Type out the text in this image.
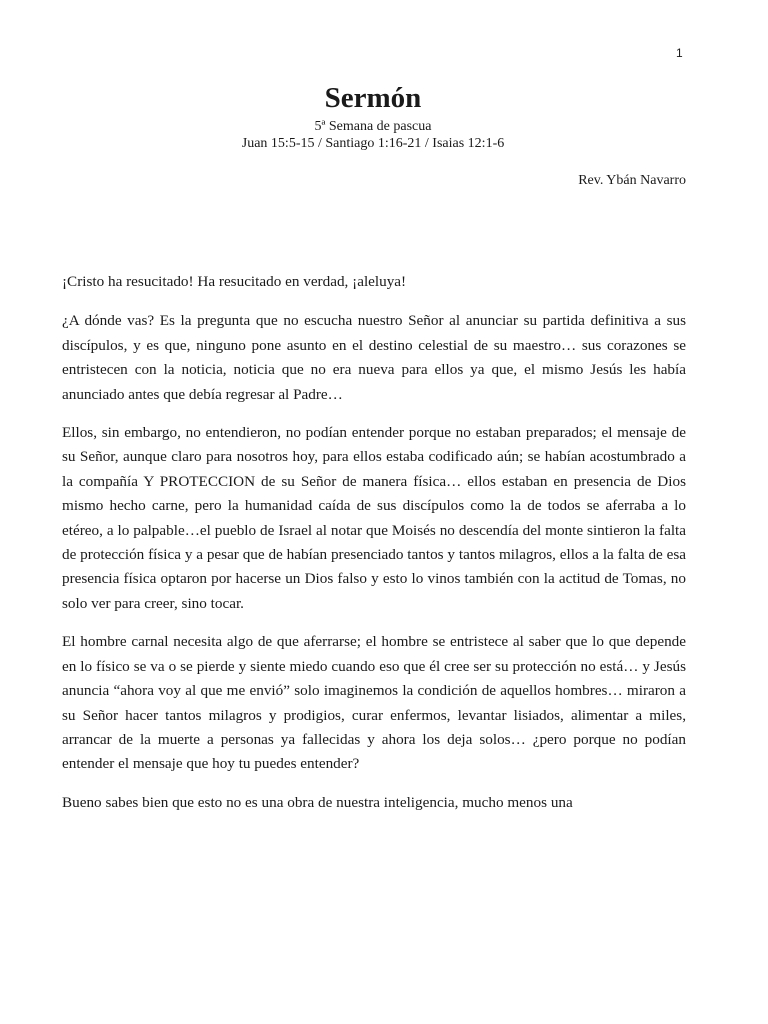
1
Sermón
5ª Semana de pascua
Juan 15:5-15 / Santiago 1:16-21 / Isaias 12:1-6
Rev. Ybán Navarro

¡Cristo ha resucitado! Ha resucitado en verdad, ¡aleluya!

¿A dónde vas? Es la pregunta que no escucha nuestro Señor al anunciar su partida definitiva a sus discípulos, y es que, ninguno pone asunto en el destino celestial de su maestro… sus corazones se entristecen con la noticia, noticia que no era nueva para ellos ya que, el mismo Jesús les había anunciado antes que debía regresar al Padre…

Ellos, sin embargo, no entendieron, no podían entender porque no estaban preparados; el mensaje de su Señor, aunque claro para nosotros hoy, para ellos estaba codificado aún; se habían acostumbrado a la compañía Y PROTECCION de su Señor de manera física… ellos estaban en presencia de Dios mismo hecho carne, pero la humanidad caída de sus discípulos como la de todos se aferraba a lo etéreo, a lo palpable…el pueblo de Israel al notar que Moisés no descendía del monte sintieron la falta de protección física y a pesar que de habían presenciado tantos y tantos milagros, ellos a la falta de esa presencia física optaron por hacerse un Dios falso y esto lo vinos también con la actitud de Tomas, no solo ver para creer, sino tocar.

El hombre carnal necesita algo de que aferrarse; el hombre se entristece al saber que lo que depende en lo físico se va o se pierde y siente miedo cuando eso que él cree ser su protección no está… y Jesús anuncia “ahora voy al que me envió” solo imaginemos la condición de aquellos hombres… miraron a su Señor hacer tantos milagros y prodigios, curar enfermos, levantar lisiados, alimentar a miles, arrancar de la muerte a personas ya fallecidas y ahora los deja solos… ¿pero porque no podían entender el mensaje que hoy tu puedes entender?

Bueno sabes bien que esto no es una obra de nuestra inteligencia, mucho menos una
